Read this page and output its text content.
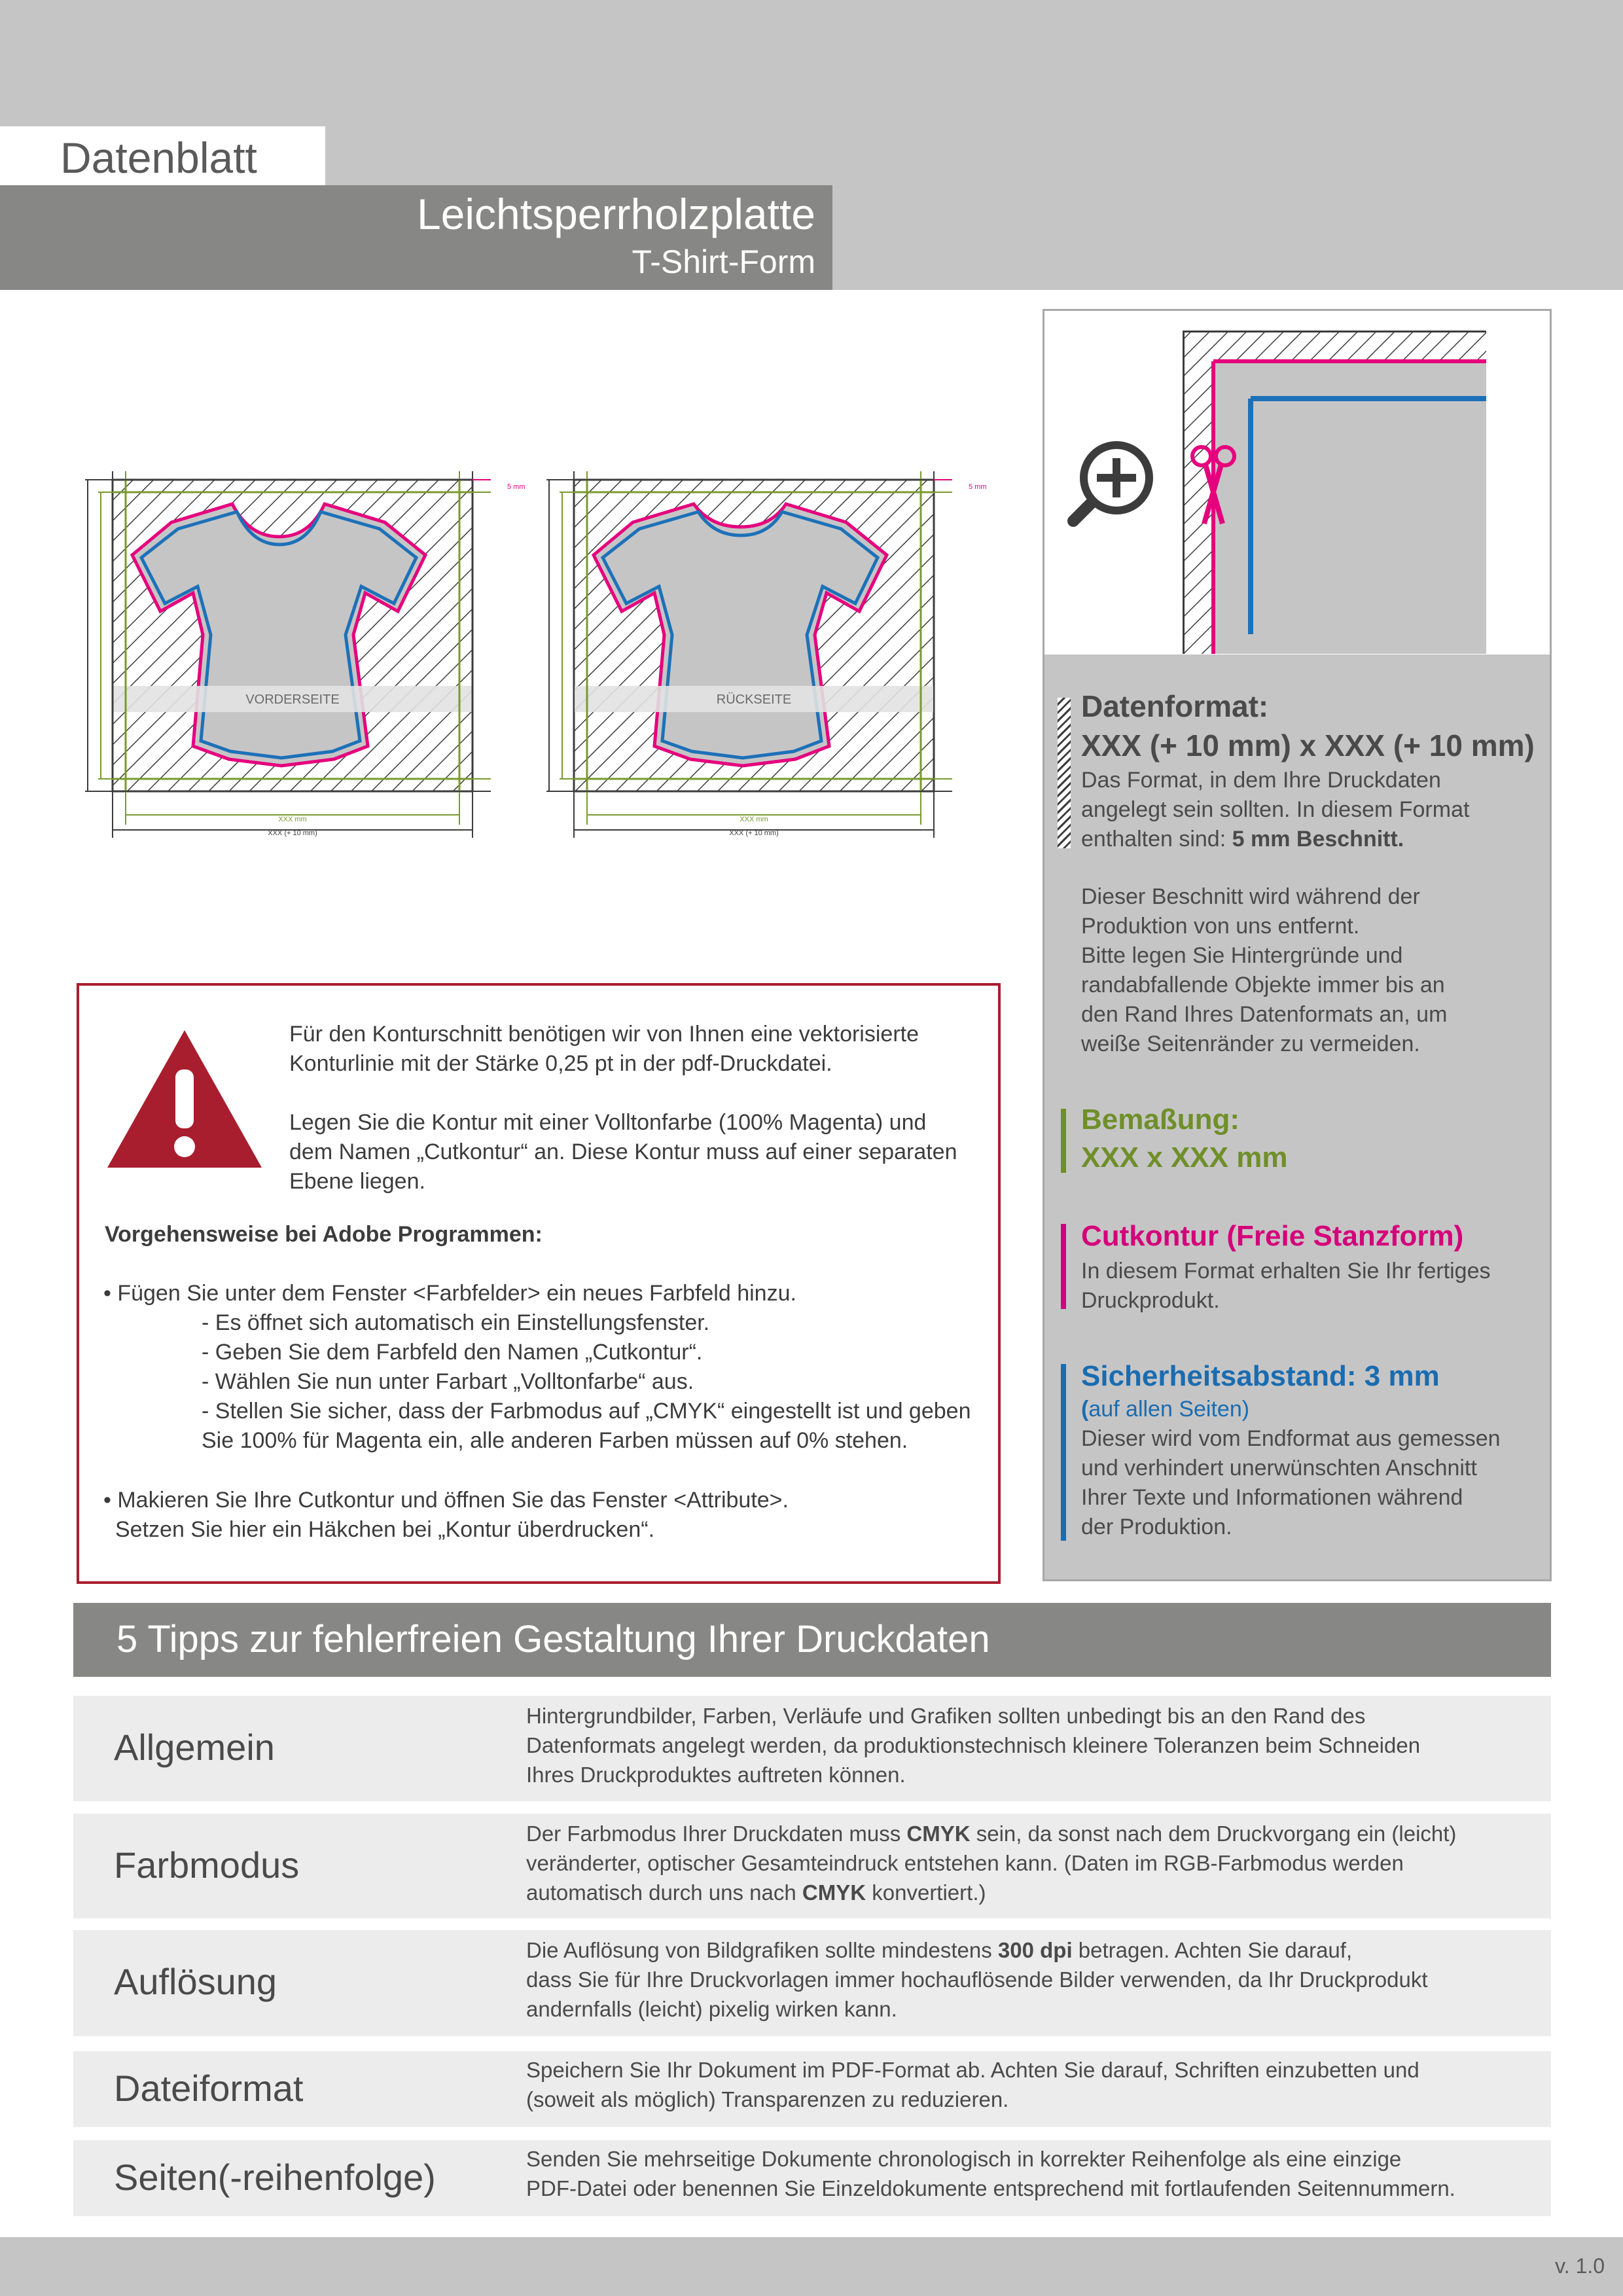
Datenblatt
Leichtsperrholzplatte
T-Shirt-Form
VORDERSEITE
XXX mm
XXX (+ 10 mm)
5 mm
RÜCKSEITE
XXX mm
XXX (+ 10 mm)
5 mm
Datenformat:
XXX (+ 10 mm) x XXX (+ 10 mm)
Das Format, in dem Ihre Druckdaten
angelegt sein sollten. In diesem Format
enthalten sind: 5 mm Beschnitt.
Dieser Beschnitt wird während der
Produktion von uns entfernt.
Bitte legen Sie Hintergründe und
randabfallende Objekte immer bis an
den Rand Ihres Datenformats an, um
weiße Seitenränder zu vermeiden.
Bemaßung:
XXX x XXX mm
Cutkontur (Freie Stanzform)
In diesem Format erhalten Sie Ihr fertiges
Druckprodukt.
Sicherheitsabstand: 3 mm
(auf allen Seiten)
Dieser wird vom Endformat aus gemessen
und verhindert unerwünschten Anschnitt
Ihrer Texte und Informationen während
der Produktion.
Für den Konturschnitt benötigen wir von Ihnen eine vektorisierte
Konturlinie mit der Stärke 0,25 pt in der pdf-Druckdatei.
Legen Sie die Kontur mit einer Volltonfarbe (100% Magenta) und
dem Namen „Cutkontur“ an. Diese Kontur muss auf einer separaten
Ebene liegen.
Vorgehensweise bei Adobe Programmen:
• Fügen Sie unter dem Fenster <Farbfelder> ein neues Farbfeld hinzu.
- Es öffnet sich automatisch ein Einstellungsfenster.
- Geben Sie dem Farbfeld den Namen „Cutkontur“.
- Wählen Sie nun unter Farbart „Volltonfarbe“ aus.
- Stellen Sie sicher, dass der Farbmodus auf „CMYK“ eingestellt ist und geben
Sie 100% für Magenta ein, alle anderen Farben müssen auf 0% stehen.
• Makieren Sie Ihre Cutkontur und öffnen Sie das Fenster <Attribute>.
Setzen Sie hier ein Häkchen bei „Kontur überdrucken“.
5 Tipps zur fehlerfreien Gestaltung Ihrer Druckdaten
Allgemein
Hintergrundbilder, Farben, Verläufe und Grafiken sollten unbedingt bis an den Rand des
Datenformats angelegt werden, da produktionstechnisch kleinere Toleranzen beim Schneiden
Ihres Druckproduktes auftreten können.
Farbmodus
Der Farbmodus Ihrer Druckdaten muss CMYK sein, da sonst nach dem Druckvorgang ein (leicht)
veränderter, optischer Gesamteindruck entstehen kann. (Daten im RGB-Farbmodus werden
automatisch durch uns nach CMYK konvertiert.)
Auflösung
Die Auflösung von Bildgrafiken sollte mindestens 300 dpi betragen. Achten Sie darauf,
dass Sie für Ihre Druckvorlagen immer hochauflösende Bilder verwenden, da Ihr Druckprodukt
andernfalls (leicht) pixelig wirken kann.
Dateiformat	Speichern Sie Ihr Dokument im PDF-Format ab. Achten Sie darauf, Schriften einzubetten und
(soweit als möglich) Transparenzen zu reduzieren.
Seiten(-reihenfolge)	Senden Sie mehrseitige Dokumente chronologisch in korrekter Reihenfolge als eine einzige
PDF-Datei oder benennen Sie Einzeldokumente entsprechend mit fortlaufenden Seitennummern.
v. 1.0
